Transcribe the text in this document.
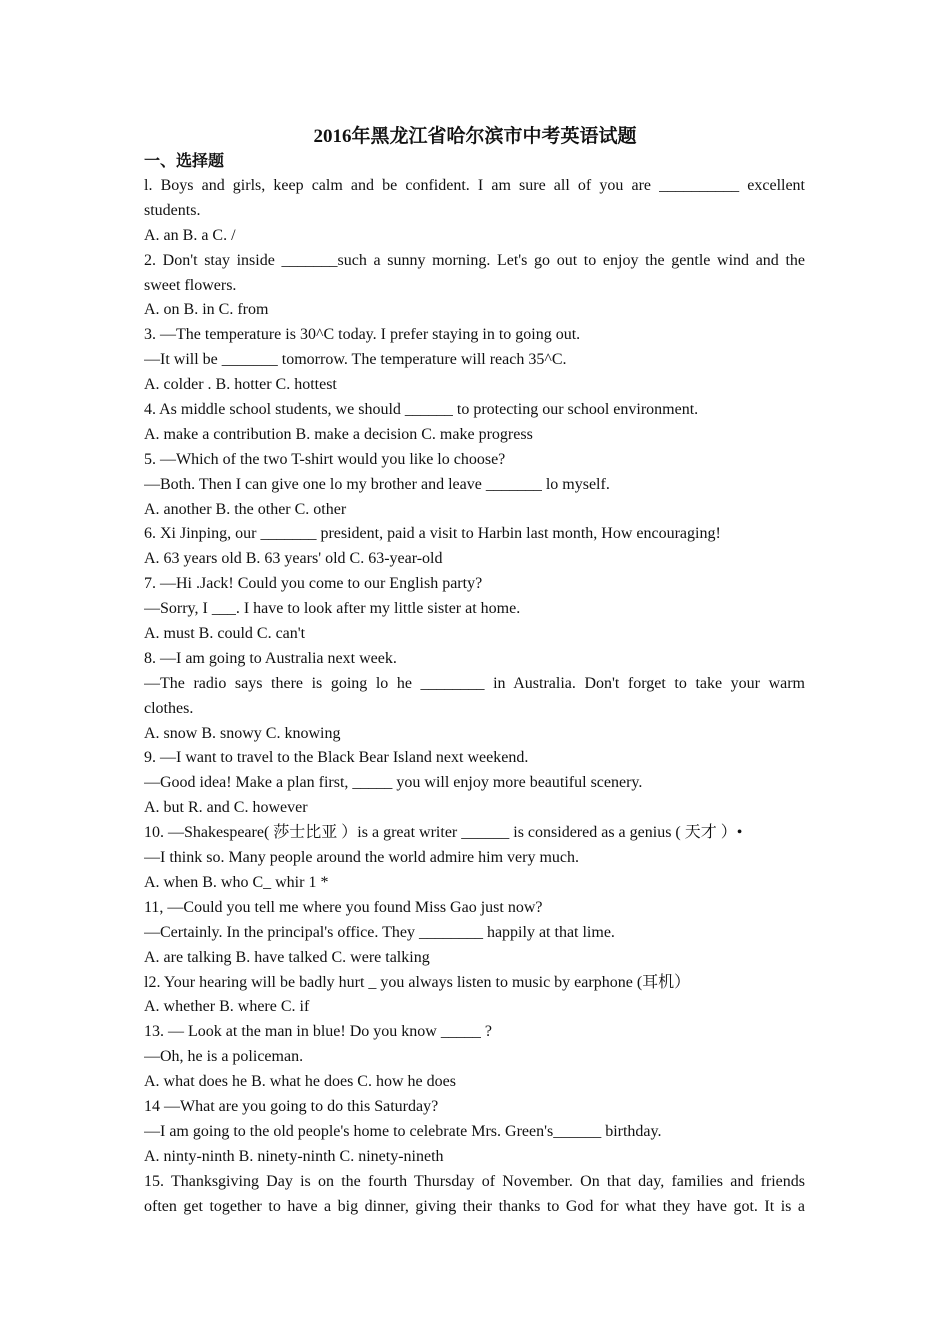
2016年黑龙江省哈尔滨市中考英语试题
一、选择题
l. Boys and girls, keep calm and be confident. I am sure all of you are __________ excellent
students.
A. an B. a C. /
2. Don't stay inside _______such a sunny morning. Let's go out to enjoy the gentle wind and the
sweet flowers.
A. on B. in C. from
3. —The temperature is 30^C today. I prefer staying in to going out.
—It will be _______ tomorrow. The temperature will reach 35^C.
A. colder . B. hotter C. hottest
4. As middle school students, we should ______ to protecting our school environment.
A. make a contribution B. make a decision C. make progress
5. —Which of the two T-shirt would you like lo choose?
—Both. Then I can give one lo my brother and leave _______ lo myself.
A. another B. the other C. other
6. Xi Jinping, our _______ president, paid a visit to Harbin last month, How encouraging!
A. 63 years old B. 63 years' old C. 63-year-old
7. —Hi .Jack! Could you come to our English party?
—Sorry, I ___. I have to look after my little sister at home.
A. must B. could C. can't
8. —I am going to Australia next week.
—The radio says there is going lo he ________ in Australia. Don't forget to take your warm
clothes.
A. snow B. snowy C. knowing
9. —I want to travel to the Black Bear Island next weekend.
—Good idea! Make a plan first, _____ you will enjoy more beautiful scenery.
A. but R. and C. however
10. —Shakespeare( 莎士比亚 ）is a great writer ______ is considered as a genius ( 天才 ）•
—I think so. Many people around the world admire him very much.
A. when B. who C_ whir 1 *
11, —Could you tell me where you found Miss Gao just now?
—Certainly. In the principal's office. They ________ happily at that lime.
A. are talking B. have talked C. were talking
l2. Your hearing will be badly hurt _ you always listen to music by earphone (耳机）
A. whether B. where C. if
13. — Look at the man in blue! Do you know _____ ?
—Oh, he is a policeman.
A. what does he B. what he does C. how he does
14 —What are you going to do this Saturday?
—I am going to the old people's home to celebrate Mrs. Green's______ birthday.
A. ninty-ninth B. ninety-ninth C. ninety-nineth
15. Thanksgiving Day is on the fourth Thursday of November. On that day, families and friends
often get together to have a big dinner, giving their thanks to God for what they have got. It is a
